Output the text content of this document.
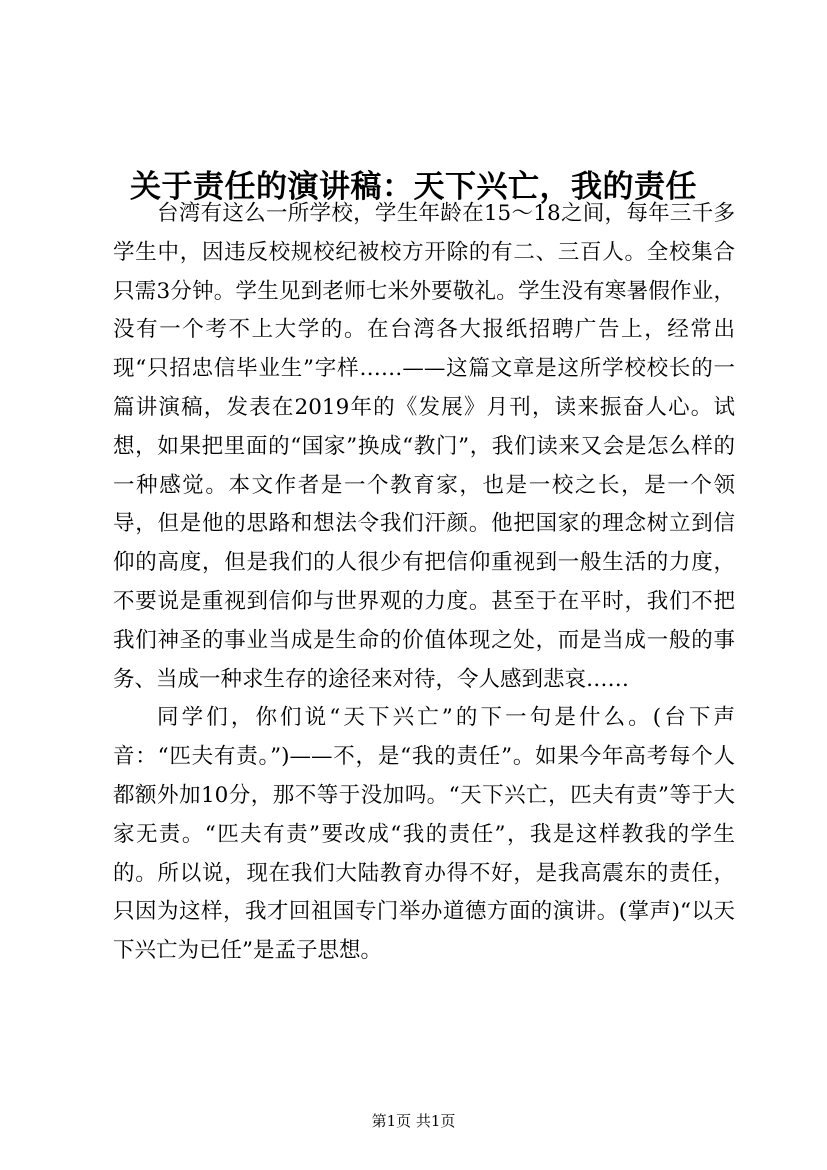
关于责任的演讲稿：天下兴亡，我的责任

台湾有这么一所学校，学生年龄在15～18之间，每年三千多学生中，因违反校规校纪被校方开除的有二、三百人。全校集合只需3分钟。学生见到老师七米外要敬礼。学生没有寒暑假作业，没有一个考不上大学的。在台湾各大报纸招聘广告上，经常出现“只招忠信毕业生”字样……——这篇文章是这所学校校长的一篇讲演稿，发表在2019年的《发展》月刊，读来振奋人心。试想，如果把里面的“国家”换成“教门”，我们读来又会是怎么样的一种感觉。本文作者是一个教育家，也是一校之长，是一个领导，但是他的思路和想法令我们汗颜。他把国家的理念树立到信仰的高度，但是我们的人很少有把信仰重视到一般生活的力度，不要说是重视到信仰与世界观的力度。甚至于在平时，我们不把我们神圣的事业当成是生命的价值体现之处，而是当成一般的事务、当成一种求生存的途径来对待，令人感到悲哀……

同学们，你们说“天下兴亡”的下一句是什么。(台下声音：“匹夫有责。”)——不，是“我的责任”。如果今年高考每个人都额外加10分，那不等于没加吗。“天下兴亡，匹夫有责”等于大家无责。“匹夫有责”要改成“我的责任”，我是这样教我的学生的。所以说，现在我们大陆教育办得不好，是我高震东的责任，只因为这样，我才回祖国专门举办道德方面的演讲。(掌声)“以天下兴亡为已任”是孟子思想。

第1页 共1页
